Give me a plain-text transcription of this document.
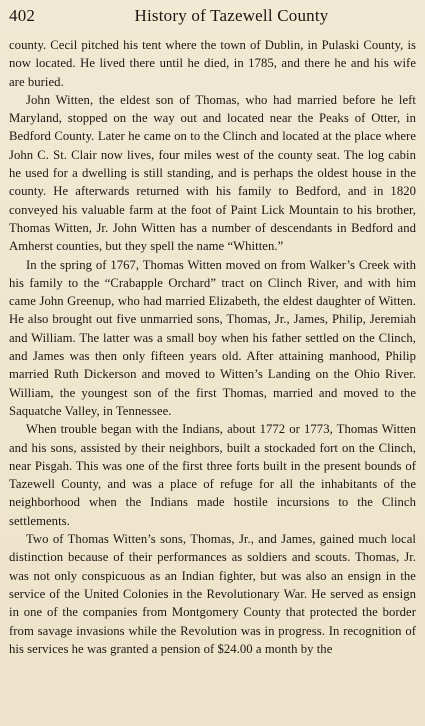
402	History of Tazewell County

county. Cecil pitched his tent where the town of Dublin, in Pulaski County, is now located. He lived there until he died, in 1785, and there he and his wife are buried.

John Witten, the eldest son of Thomas, who had married before he left Maryland, stopped on the way out and located near the Peaks of Otter, in Bedford County. Later he came on to the Clinch and located at the place where John C. St. Clair now lives, four miles west of the county seat. The log cabin he used for a dwelling is still standing, and is perhaps the oldest house in the county. He afterwards returned with his family to Bedford, and in 1820 conveyed his valuable farm at the foot of Paint Lick Mountain to his brother, Thomas Witten, Jr. John Witten has a number of descendants in Bedford and Amherst counties, but they spell the name “Whitten.”

In the spring of 1767, Thomas Witten moved on from Walker’s Creek with his family to the “Crabapple Orchard” tract on Clinch River, and with him came John Greenup, who had married Elizabeth, the eldest daughter of Witten. He also brought out five unmarried sons, Thomas, Jr., James, Philip, Jeremiah and William. The latter was a small boy when his father settled on the Clinch, and James was then only fifteen years old. After attaining manhood, Philip married Ruth Dickerson and moved to Witten’s Landing on the Ohio River. William, the youngest son of the first Thomas, married and moved to the Saquatche Valley, in Tennessee.

When trouble began with the Indians, about 1772 or 1773, Thomas Witten and his sons, assisted by their neighbors, built a stockaded fort on the Clinch, near Pisgah. This was one of the first three forts built in the present bounds of Tazewell County, and was a place of refuge for all the inhabitants of the neighborhood when the Indians made hostile incursions to the Clinch settlements.

Two of Thomas Witten’s sons, Thomas, Jr., and James, gained much local distinction because of their performances as soldiers and scouts. Thomas, Jr. was not only conspicuous as an Indian fighter, but was also an ensign in the service of the United Colonies in the Revolutionary War. He served as ensign in one of the companies from Montgomery County that protected the border from savage invasions while the Revolution was in progress. In recognition of his services he was granted a pension of $24.00 a month by the
